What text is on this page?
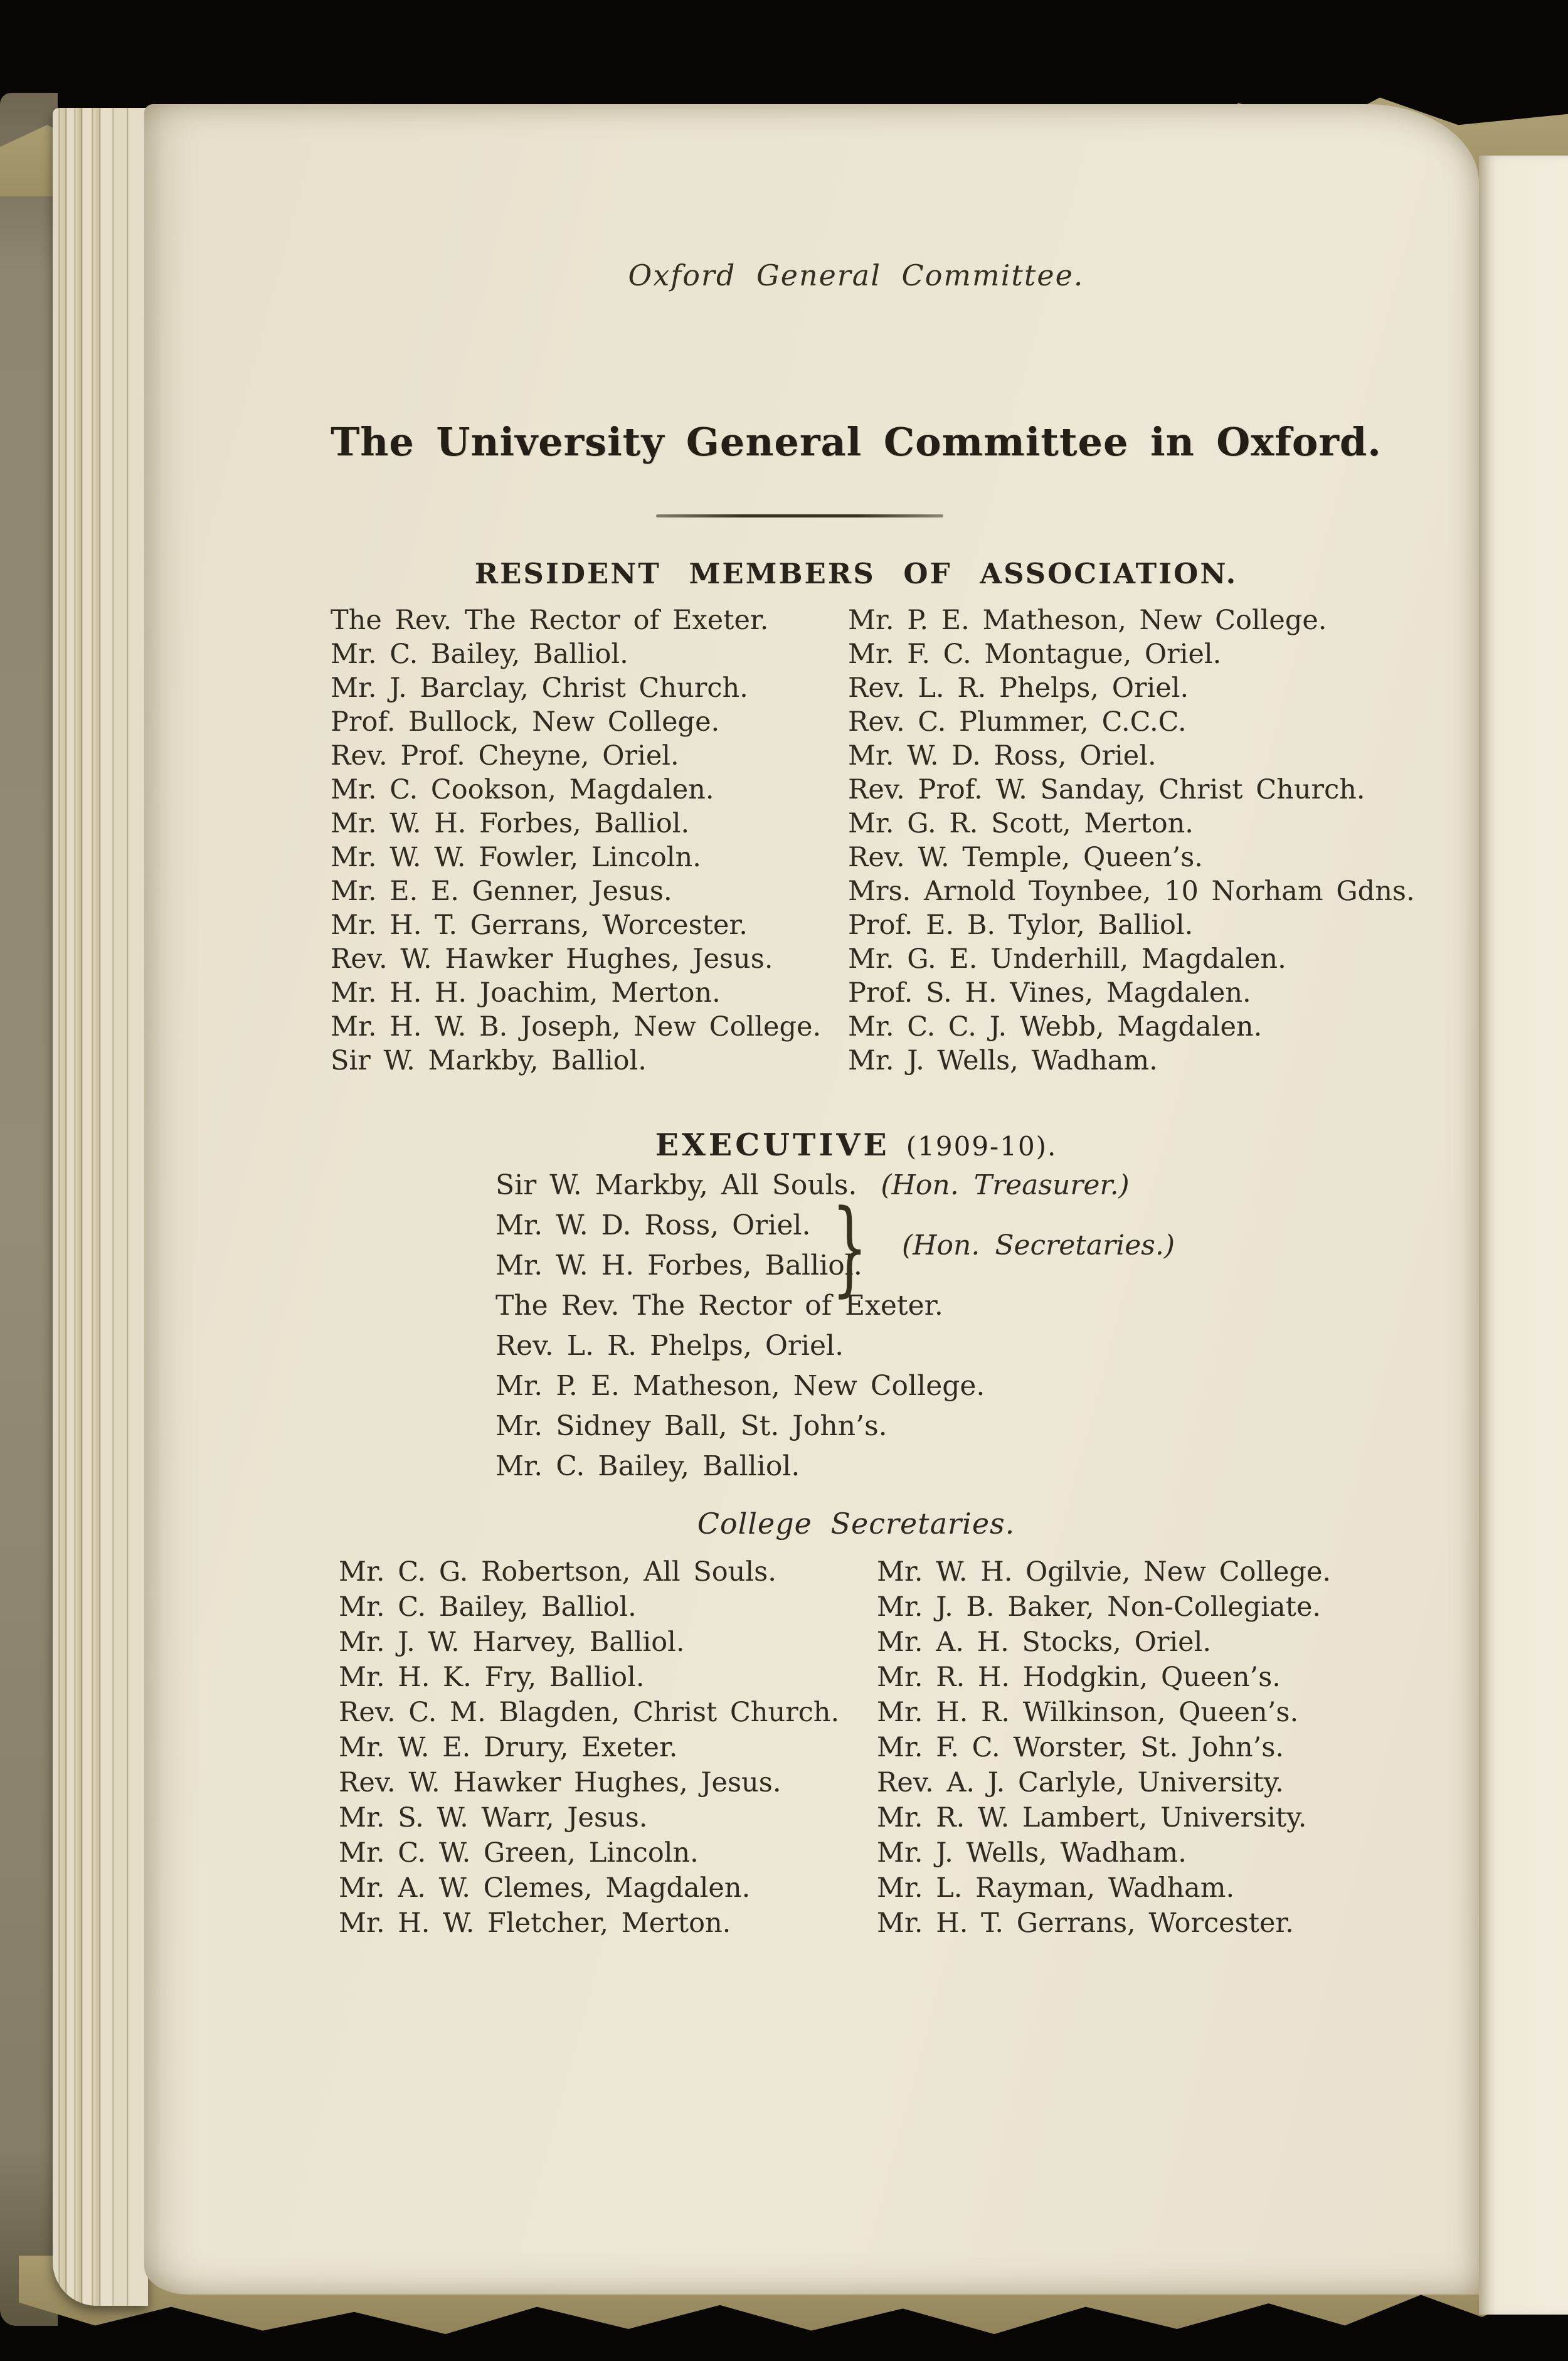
Oxford General Committee.
The University General Committee in Oxford.
RESIDENT MEMBERS OF ASSOCIATION.
The Rev. The Rector of Exeter.
Mr. C. Bailey, Balliol.
Mr. J. Barclay, Christ Church.
Prof. Bullock, New College.
Rev. Prof. Cheyne, Oriel.
Mr. C. Cookson, Magdalen.
Mr. W. H. Forbes, Balliol.
Mr. W. W. Fowler, Lincoln.
Mr. E. E. Genner, Jesus.
Mr. H. T. Gerrans, Worcester.
Rev. W. Hawker Hughes, Jesus.
Mr. H. H. Joachim, Merton.
Mr. H. W. B. Joseph, New College.
Sir W. Markby, Balliol.
Mr. P. E. Matheson, New College.
Mr. F. C. Montague, Oriel.
Rev. L. R. Phelps, Oriel.
Rev. C. Plummer, C.C.C.
Mr. W. D. Ross, Oriel.
Rev. Prof. W. Sanday, Christ Church.
Mr. G. R. Scott, Merton.
Rev. W. Temple, Queen’s.
Mrs. Arnold Toynbee, 10 Norham Gdns.
Prof. E. B. Tylor, Balliol.
Mr. G. E. Underhill, Magdalen.
Prof. S. H. Vines, Magdalen.
Mr. C. C. J. Webb, Magdalen.
Mr. J. Wells, Wadham.
EXECUTIVE (1909-10).
Sir W. Markby, All Souls. (Hon. Treasurer.)
Mr. W. D. Ross, Oriel.
Mr. W. H. Forbes, Balliol.
} (Hon. Secretaries.)
The Rev. The Rector of Exeter.
Rev. L. R. Phelps, Oriel.
Mr. P. E. Matheson, New College.
Mr. Sidney Ball, St. John’s.
Mr. C. Bailey, Balliol.
College Secretaries.
Mr. C. G. Robertson, All Souls.
Mr. C. Bailey, Balliol.
Mr. J. W. Harvey, Balliol.
Mr. H. K. Fry, Balliol.
Rev. C. M. Blagden, Christ Church.
Mr. W. E. Drury, Exeter.
Rev. W. Hawker Hughes, Jesus.
Mr. S. W. Warr, Jesus.
Mr. C. W. Green, Lincoln.
Mr. A. W. Clemes, Magdalen.
Mr. H. W. Fletcher, Merton.
Mr. W. H. Ogilvie, New College.
Mr. J. B. Baker, Non-Collegiate.
Mr. A. H. Stocks, Oriel.
Mr. R. H. Hodgkin, Queen’s.
Mr. H. R. Wilkinson, Queen’s.
Mr. F. C. Worster, St. John’s.
Rev. A. J. Carlyle, University.
Mr. R. W. Lambert, University.
Mr. J. Wells, Wadham.
Mr. L. Rayman, Wadham.
Mr. H. T. Gerrans, Worcester.
